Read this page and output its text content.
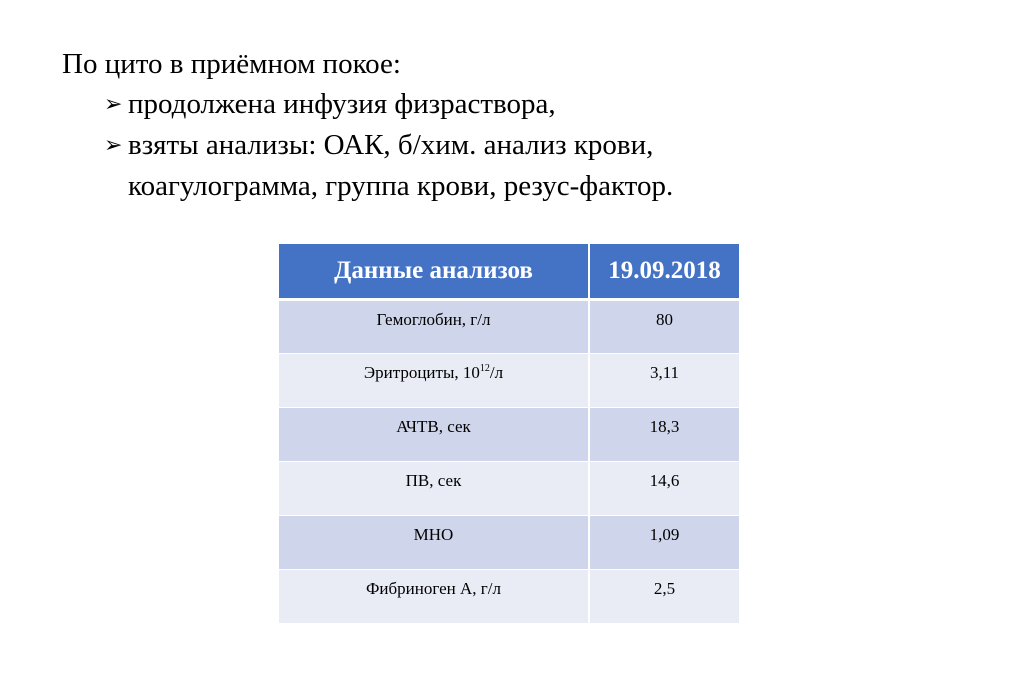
По цито в приёмном покое:
➢ продолжена инфузия физраствора,
➢ взяты анализы: ОАК, б/хим. анализ крови,
коагулограмма, группа крови, резус-фактор.
Данные анализов	19.09.2018
Гемоглобин, г/л	80
Эритроциты, $10^{12}/л$	3,11
АЧТВ, сек	18,3
ПВ, сек	14,6
МНО	1,09
Фибриноген А, г/л	2,5
